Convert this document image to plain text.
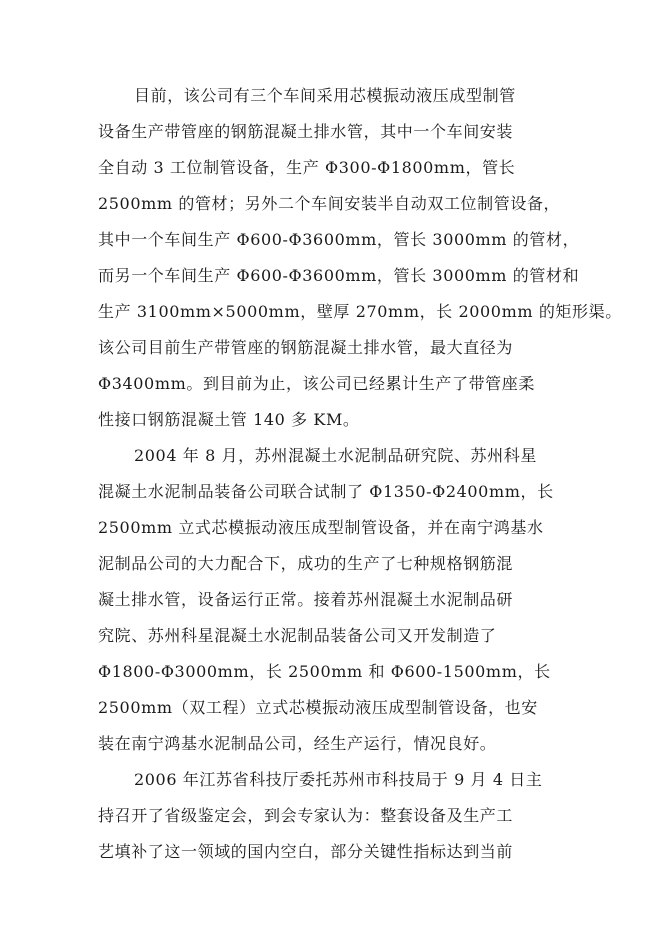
目前，该公司有三个车间采用芯模振动液压成型制管
设备生产带管座的钢筋混凝土排水管，其中一个车间安装
全自动 3 工位制管设备，生产 Φ300-Φ1800mm，管长
2500mm 的管材；另外二个车间安装半自动双工位制管设备，
其中一个车间生产 Φ600-Φ3600mm，管长 3000mm 的管材，
而另一个车间生产 Φ600-Φ3600mm，管长 3000mm 的管材和
生产 3100mm×5000mm，壁厚 270mm，长 2000mm 的矩形渠。
该公司目前生产带管座的钢筋混凝土排水管，最大直径为
Φ3400mm。到目前为止，该公司已经累计生产了带管座柔
性接口钢筋混凝土管 140 多 KM。
2004 年 8 月，苏州混凝土水泥制品研究院、苏州科星
混凝土水泥制品装备公司联合试制了 Φ1350-Φ2400mm，长
2500mm 立式芯模振动液压成型制管设备，并在南宁鸿基水
泥制品公司的大力配合下，成功的生产了七种规格钢筋混
凝土排水管，设备运行正常。接着苏州混凝土水泥制品研
究院、苏州科星混凝土水泥制品装备公司又开发制造了
Φ1800-Φ3000mm，长 2500mm 和 Φ600-1500mm，长
2500mm（双工程）立式芯模振动液压成型制管设备，也安
装在南宁鸿基水泥制品公司，经生产运行，情况良好。
2006 年江苏省科技厅委托苏州市科技局于 9 月 4 日主
持召开了省级鉴定会，到会专家认为：整套设备及生产工
艺填补了这一领域的国内空白，部分关键性指标达到当前
